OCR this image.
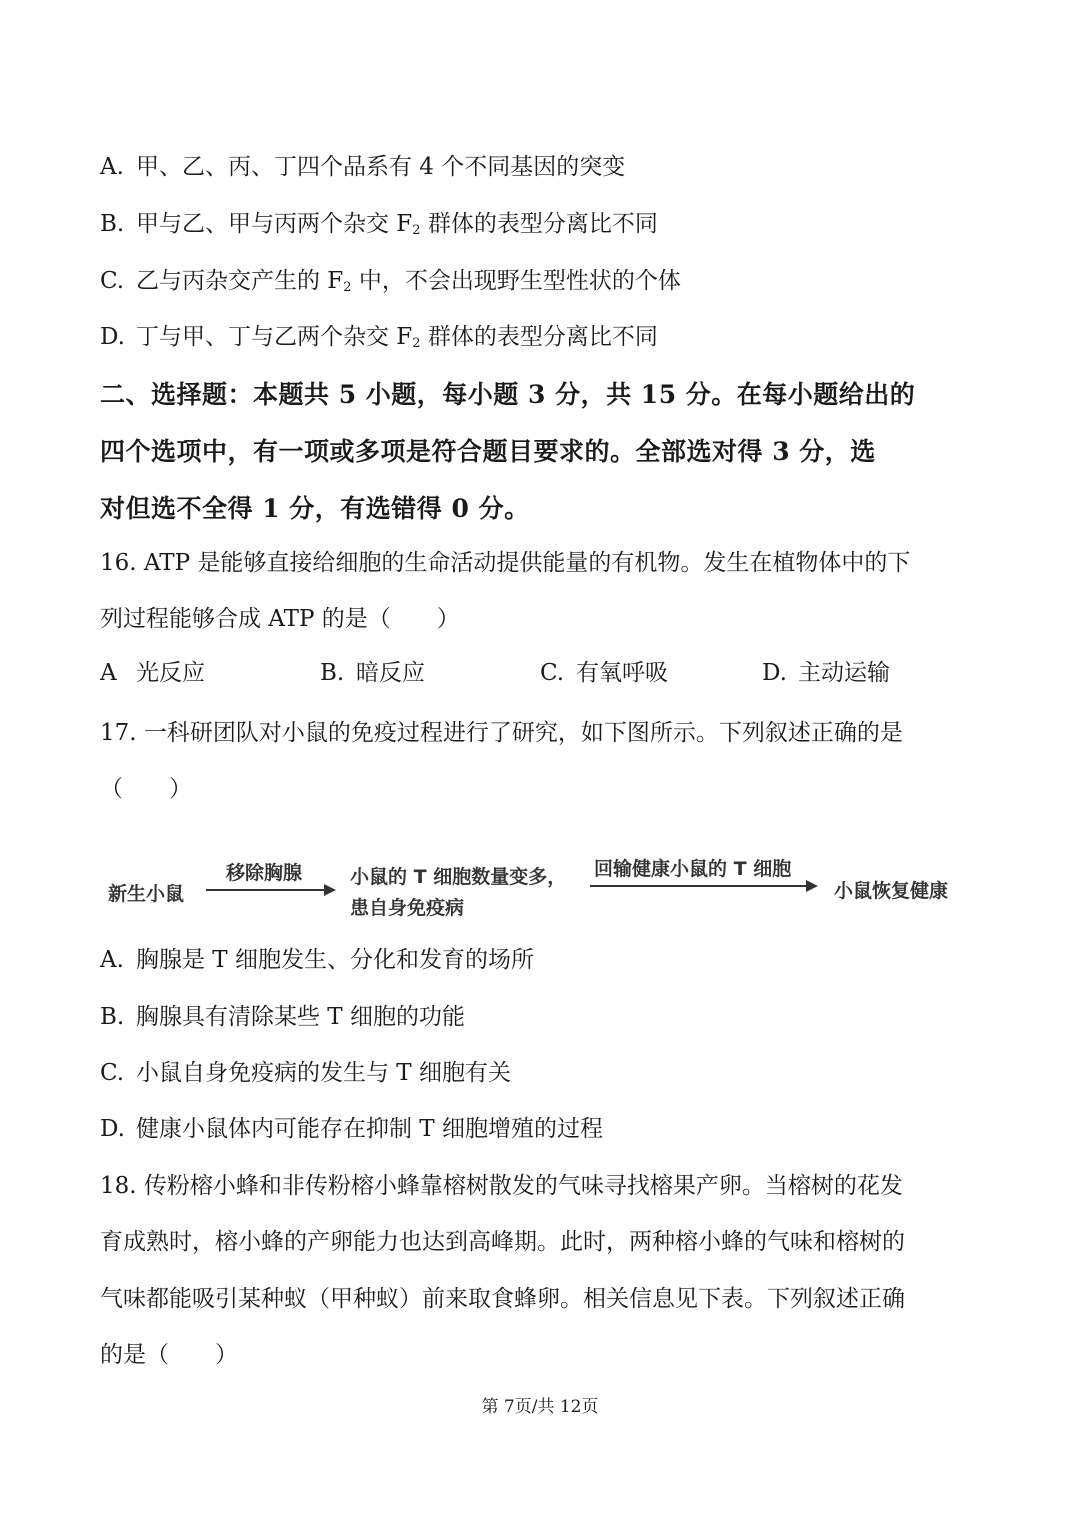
A. 甲、乙、丙、丁四个品系有 4 个不同基因的突变
B. 甲与乙、甲与丙两个杂交 $F_2$ 群体的表型分离比不同
C. 乙与丙杂交产生的 $F_2$ 中，不会出现野生型性状的个体
D. 丁与甲、丁与乙两个杂交 $F_2$ 群体的表型分离比不同
二、选择题：本题共 5 小题，每小题 3 分，共 15 分。在每小题给出的
四个选项中，有一项或多项是符合题目要求的。全部选对得 3 分，选
对但选不全得 1 分，有选错得 0 分。
16. ATP 是能够直接给细胞的生命活动提供能量的有机物。发生在植物体中的下
列过程能够合成 ATP 的是（　　）
A 光反应	B. 暗反应	C. 有氧呼吸	D. 主动运输
17. 一科研团队对小鼠的免疫过程进行了研究，如下图所示。下列叙述正确的是
（　　）
新生小鼠
移除胸腺	小鼠的 T 细胞数量变多，
患自身免疫病
回输健康小鼠的 T 细胞
小鼠恢复健康
A. 胸腺是 T 细胞发生、分化和发育的场所
B. 胸腺具有清除某些 T 细胞的功能
C. 小鼠自身免疫病的发生与 T 细胞有关
D. 健康小鼠体内可能存在抑制 T 细胞增殖的过程
18. 传粉榕小蜂和非传粉榕小蜂靠榕树散发的气味寻找榕果产卵。当榕树的花发
育成熟时，榕小蜂的产卵能力也达到高峰期。此时，两种榕小蜂的气味和榕树的
气味都能吸引某种蚁（甲种蚁）前来取食蜂卵。相关信息见下表。下列叙述正确
的是（　　）
第 7页/共 12页
